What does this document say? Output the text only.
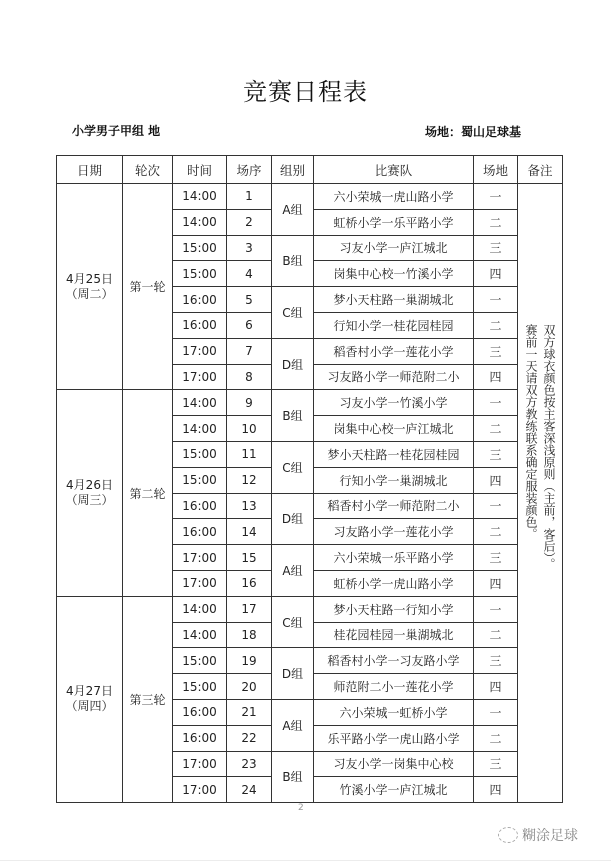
竞赛日程表
小学男子甲组 地	场地：蜀山足球基
日期	轮次	时间	场序	组别	比赛队	场地	备注
4月25日（周二）	第一轮	14:00	1	A组	六小荣城一虎山路小学	一	双方球衣颜色按主客深浅原则（主前，客后）。赛前一天请双方教练联系确定服装颜色。

		14:00	2		虹桥小学一乐平路小学	二	
		15:00	3	B组	习友小学一庐江城北	三	
		15:00	4		岗集中心校一竹溪小学	四	
		16:00	5	C组	梦小天柱路一巢湖城北	一	
		16:00	6		行知小学一桂花园桂园	二	
		17:00	7	D组	稻香村小学一莲花小学	三	
		17:00	8		习友路小学一师范附二小	四	
4月26日（周三）	第二轮	14:00	9	B组	习友小学一竹溪小学	一	
		14:00	10		岗集中心校一庐江城北	二	
		15:00	11	C组	梦小天柱路一桂花园桂园	三	
		15:00	12		行知小学一巢湖城北	四	
		16:00	13	D组	稻香村小学一师范附二小	一	
		16:00	14		习友路小学一莲花小学	二	
		17:00	15	A组	六小荣城一乐平路小学	三	
		17:00	16		虹桥小学一虎山路小学	四	
4月27日（周四）	第三轮	14:00	17	C组	梦小天柱路一行知小学	一	
		14:00	18		桂花园桂园一巢湖城北	二	
		15:00	19	D组	稻香村小学一习友路小学	三	
		15:00	20		师范附二小一莲花小学	四	
		16:00	21	A组	六小荣城一虹桥小学	一	
		16:00	22		乐平路小学一虎山路小学	二	
		17:00	23	B组	习友小学一岗集中心校	三	
		17:00	24		竹溪小学一庐江城北	四	
2
糊涂足球
